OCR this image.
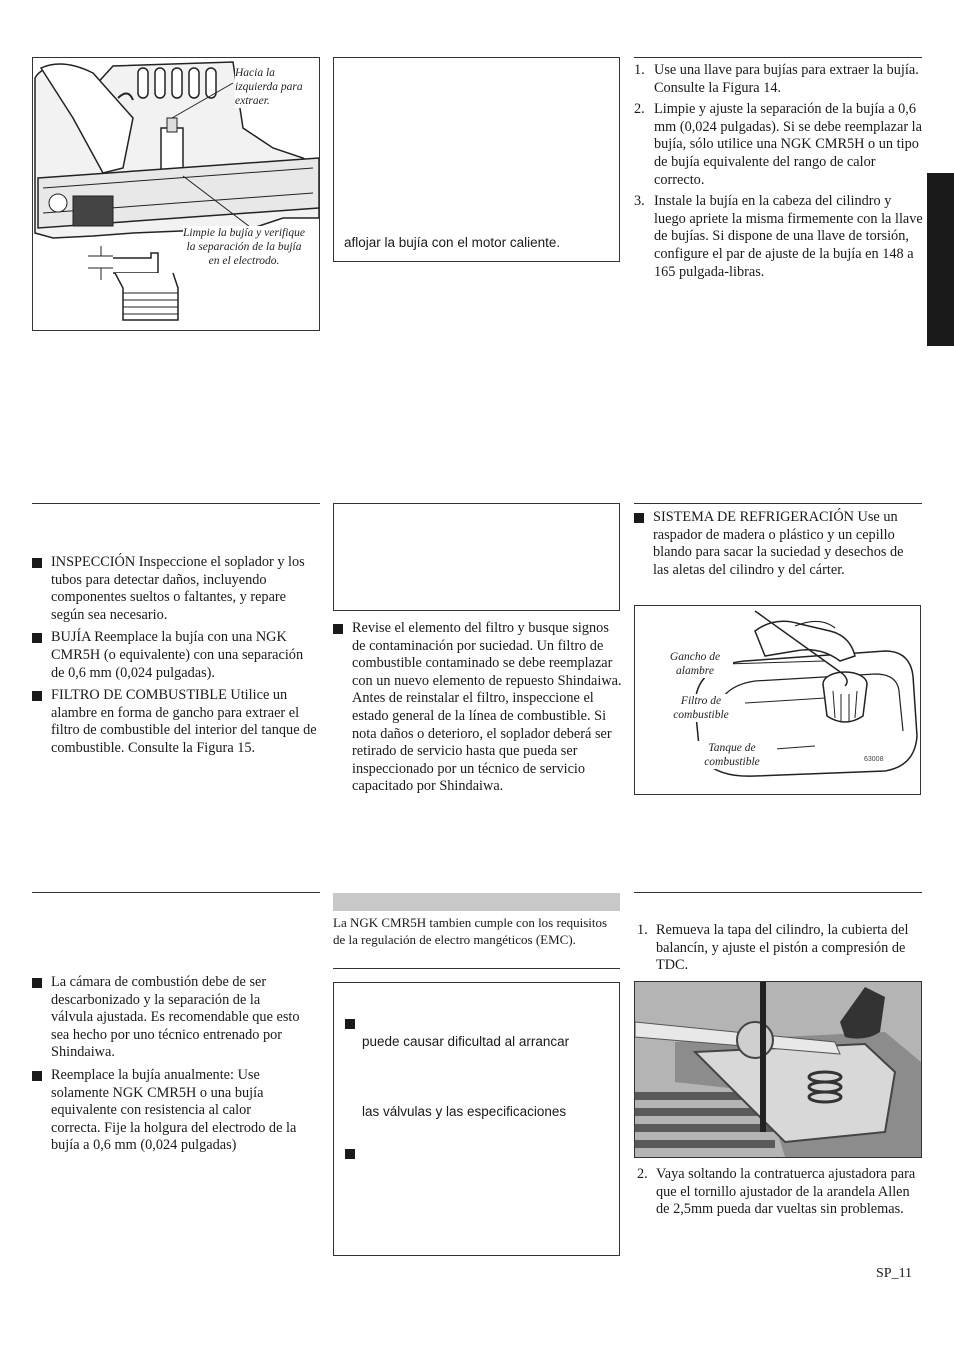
Hacia la izquierda para extraer.
Limpie la bujía y verifique la separación de la bujía en el electrodo.
aflojar la bujía con el motor caliente.
1. Use una llave para bujías para extraer la bujía. Consulte la Figura 14.
2. Limpie y ajuste la separación de la bujía a 0,6 mm (0,024 pulgadas). Si se debe reemplazar la bujía, sólo utilice una NGK CMR5H o un tipo de bujía equivalente del rango de calor correcto.
3. Instale la bujía en la cabeza del cilindro y luego apriete la misma firmemente con la llave de bujías. Si dispone de una llave de torsión, configure el par de ajuste de la bujía en 148 a 165 pulgada-libras.
INSPECCIÓN Inspeccione el soplador y los tubos para detectar daños, incluyendo componentes sueltos o faltantes, y repare según sea necesario.
BUJÍA Reemplace la bujía con una NGK CMR5H (o equivalente) con una separación de 0,6 mm (0,024 pulgadas).
FILTRO DE COMBUSTIBLE Utilice un alambre en forma de gancho para extraer el filtro de combustible del interior del tanque de combustible. Consulte la Figura 15.
Revise el elemento del filtro y busque signos de contaminación por suciedad. Un filtro de combustible contaminado se debe reemplazar con un nuevo elemento de repuesto Shindaiwa.
Antes de reinstalar el filtro, inspeccione el estado general de la línea de combustible. Si nota daños o deterioro, el soplador deberá ser retirado de servicio hasta que pueda ser inspeccionado por un técnico de servicio capacitado por Shindaiwa.
SISTEMA DE REFRIGERACIÓN Use un raspador de madera o plástico y un cepillo blando para sacar la suciedad y desechos de las aletas del cilindro y del cárter.
Gancho de alambre
Filtro de combustible
Tanque de combustible	63008
La cámara de combustión debe de ser descarbonizado y la separación de la válvula ajustada. Es recomendable que esto sea hecho por uno técnico entrenado por Shindaiwa.
Reemplace la bujía anualmente: Use solamente NGK CMR5H o una bujía equivalente con resistencia al calor correcta. Fije la holgura del electrodo de la bujía a 0,6 mm (0,024 pulgadas)
La NGK CMR5H tambien cumple con los requisitos de la regulación de electro mangéticos (EMC).
puede causar dificultad al arrancar
las válvulas y las especificaciones
1. Remueva la tapa del cilindro, la cubierta del balancín, y ajuste el pistón a compresión de TDC.
2. Vaya soltando la contratuerca ajustadora para que el tornillo ajustador de la arandela Allen de 2,5mm pueda dar vueltas sin problemas.
SP_11
